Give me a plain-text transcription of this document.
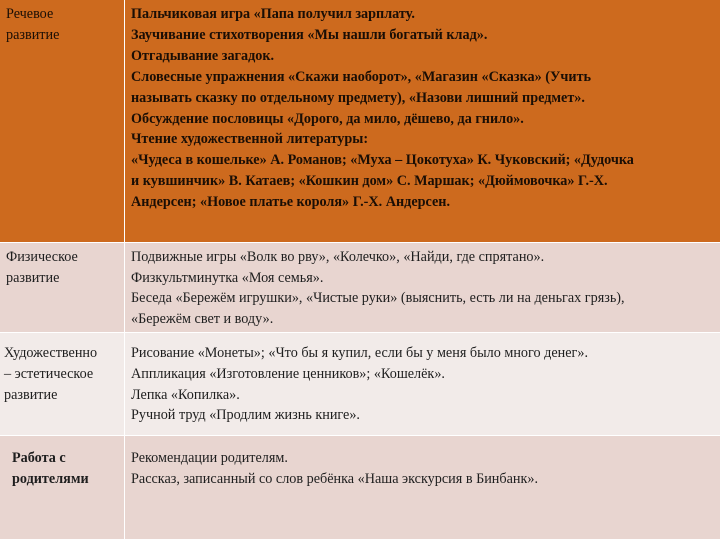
Речевое
развитие
Пальчиковая игра «Папа получил зарплату.
Заучивание стихотворения «Мы нашли богатый клад».
Отгадывание загадок.
Словесные упражнения «Скажи наоборот», «Магазин «Сказка» (Учить
называть сказку по отдельному предмету), «Назови лишний предмет».
Обсуждение пословицы «Дорого, да мило, дёшево, да гнило».
Чтение художественной литературы:
«Чудеса в кошельке» А. Романов; «Муха – Цокотуха» К. Чуковский; «Дудочка
и кувшинчик» В. Катаев; «Кошкин дом» С. Маршак; «Дюймовочка» Г.-Х.
Андерсен; «Новое платье короля» Г.-Х. Андерсен.
Физическое
развитие
Подвижные игры «Волк во рву», «Колечко», «Найди, где спрятано».
Физкультминутка «Моя семья».
Беседа «Бережём игрушки», «Чистые руки» (выяснить, есть ли на деньгах грязь),
«Бережём свет и воду».
Художественно
– эстетическое
развитие
Рисование «Монеты»; «Что бы я купил, если бы у меня было много денег».
Аппликация «Изготовление ценников»; «Кошелёк».
Лепка «Копилка».
Ручной труд «Продлим жизнь книге».
Работа с
родителями
Рекомендации родителям.
Рассказ, записанный со слов ребёнка «Наша экскурсия в Бинбанк».
